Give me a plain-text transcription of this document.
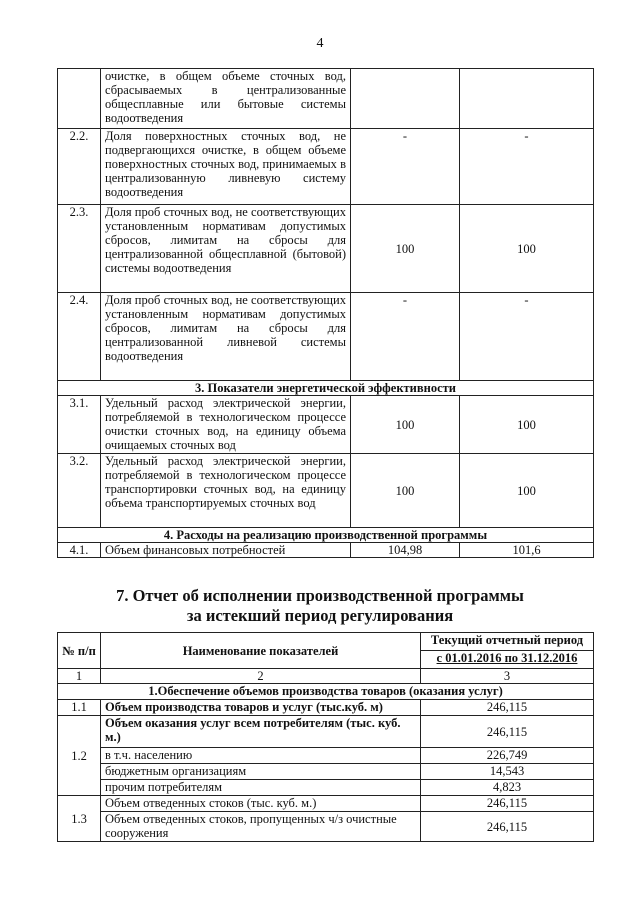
4
	очистке, в общем объеме сточных вод, сбрасываемых в централизованные общесплавные или бытовые системы водоотведения		
2.2.	Доля поверхностных сточных вод, не подвергающихся очистке, в общем объеме поверхностных сточных вод, принимаемых в централизованную ливневую систему водоотведения	-	-
2.3.	Доля проб сточных вод, не соответствующих установленным нормативам допустимых сбросов, лимитам на сбросы для централизованной общесплавной (бытовой) системы водоотведения	100	100
2.4.	Доля проб сточных вод, не соответствующих установленным нормативам допустимых сбросов, лимитам на сбросы для централизованной ливневой системы водоотведения	-	-
3. Показатели энергетической эффективности			
3.1.	Удельный расход электрической энергии, потребляемой в технологическом процессе очистки сточных вод, на единицу объема очищаемых сточных вод	100	100
3.2.	Удельный расход электрической энергии, потребляемой в технологическом процессе транспортировки сточных вод, на единицу объема транспортируемых сточных вод	100	100
4. Расходы на реализацию производственной программы			
4.1.	Объем финансовых потребностей	104,98	101,6
7. Отчет об исполнении производственной программы
за истекший период регулирования
№ п/п	Наименование показателей	Текущий отчетный период
		с 01.01.2016 по 31.12.2016
1	2	3
1.Обеспечение объемов производства товаров (оказания услуг)		
1.1	Объем производства товаров и услуг (тыс.куб. м)	246,115
1.2	Объем оказания услуг всем потребителям (тыс. куб. м.)	246,115
	в т.ч. населению	226,749
	бюджетным организациям	14,543
	прочим потребителям	4,823
1.3	Объем отведенных стоков (тыс. куб. м.)	246,115
	Объем отведенных стоков, пропущенных ч/з очистные сооружения	246,115
